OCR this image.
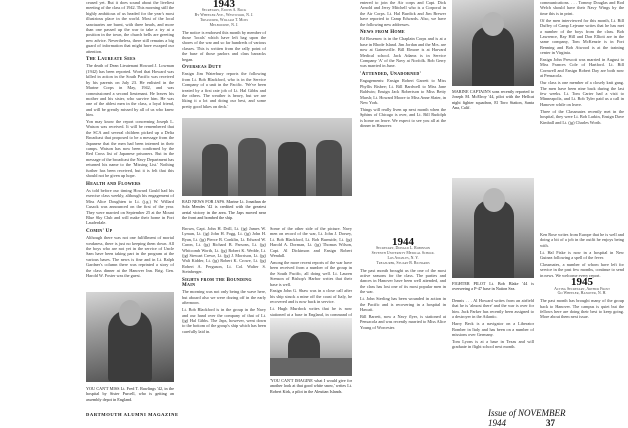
ceased yet. But it does sound about the liveliest meeting of the class of 1942. This morning still the highly ambitious of us headed for the year's most illustrious place in the world. Most of the local sanctuaries are burnt, with three heads, and more than one passed up the war to take a try at a position in the town, the church bells are greeting new advice. Nevertheless, there still remains a big guard of information that might have escaped our attention.

The Laureate Sees

The death of Dean Lieutenant Howard J. Lowman (1942) has been reported. Word that Howard was killed in action in the South Pacific was received by his parents on July 23. He enlisted in the Marine Corps in May, 1942, and was commissioned a second lieutenant. He leaves his mother and his sister, who survive him. He was one of the ablest men in the class, a loyal friend, and will be greatly missed by all of us who knew him.

Yon may know the report concerning Joseph L. Watson was received. It will be remembered that the SCA and several children picked up a Delta Broadcast that proposed to be a message from the Japanese that the men had been interned in their camps. Watson has now been confirmed by the Red Cross list of Japanese prisoners. But in the message of the broadcast the Navy Department has returned his name to the 'Missing List.' Nothing further has been received, but it is felt that this should not be given up hope.

Health and Flowers

As told before our timing Howard Gould had his exercise class weekly, although his engagement of Miss Alice Doughten to Lt. (j.g.) W. Willard Cusack was announced on the first of the year. They were married on September 25 at the Mount Blue Sky Club and will make their home in Fort Lauderdale.

Comin' Up

Although there was not one fulfillment of mortal weakness, there is just no keeping them down. All the boys who are not yet in the service of Uncle Sam have been taking part in the program at the various bases. The news is fine and in Lt. Ralph Gardner's column there was reprinted a story of the class dinner at the Hanover Inn. Brig. Gen. Harold W. Foster was the guest.

YOU CAN'T MISS Lt. Fred T. Rawlings '42, in the hospital by Sister Purcell, who is getting an assembly depot in England.
1943
Secretary, Edwin A. Rock
By Wheeler Ave., Westwood, N. J.
Treasurer, William T. Moss
Melbourne, N. J.

The notice is endorsed this month by member of those 'locals' which have left bag upon the shores of the war and so far hundreds of various classes. This is written from the rally point of the base of those parlors and class barracks began.

Overseas Duty

Ensign Jim Waterbury reports the following from Lt. Bob Blackford, who is in the Service Company of a unit in the Pacific. 'We've been treated by a first rate job of Lt. Hal Gibbs and the others. The weather is heavy, but we are liking it a lot and doing our best, and some pretty good hikes on deck.'

RAD NEWS FOR JAPS. Marine Lt. Jonathan de Sola Mendes '42 is credited with the greatest aerial victory in the area. The Japs moved near the front and bombed the ship.

Brown, Capt. John H. Drill, Lt. (jg) James W. Lyman, Lt. (jg) John H. Fogg, Lt. (jg) John H. Ryan, Lt. (jg) Pierce B. Conklin, Lt. Edward W. Caron, Lt. (jg) Richard B. Parsons, Lt. (jg) Whitcomb Worth, Lt. (jg) Robert K. Wedde, Lt. (jg) Stewart Crewe, Lt. (jg) J. Morrison, Lt. (jg) Walt Kidder, Lt. (jg) Robert K. Crowe, Lt. (jg) Robert A. Ferguson, Lt. Col. Walter S. Steinberger.

Sights from the Bounding Main

The morning was not only being the wave here, but aboard also we were dozing off in the early afternoon.

Lt. Bob Blackford is in the group in the Navy and our hand over the company of that of Lt. (jg) Hal Gibbs. The Japs, however, went down to the bottom of the group's ship which has been carefully laid in.

Some of the other side of the picture. Navy men on record of the war, Lt. John J. Dorsey, Lt. Bob Blackford, Lt. Bob Burnside, Lt. (jg) Harold A. Dorman, Lt. (jg) Thomas Wilson, Capt. Al Dickinson and Ensign Robert Wendall.

Among the more recent reports of the war have been received from a number of the group in the South Pacific, all doing well. Lt. Lauren Stenson of Bishop's Harbor writes that their base is well.

Ensign John G. Shaw was in a close call after his ship struck a mine off the coast of Italy, he recovered and is now back in service.

Lt. Hugh Murdock writes that he is now stationed at a base in England, in command of

'YOU CAN'T IMAGINE what I would give for another look at that good white snow,' writes Lt. Robert Kirk, a pilot in the Aleutian Islands.

entered to join the Air corps and Capt. Dick Arnold and Jerry Mitchell who is a Corporal in the Air Corps. Lt. Hal Burdick and Jim Brewer have reported to Camp Edwards. Also, we have the following new addresses.

News from Home

Ed Rosenow is in the Chaplain Corps and is at a base in Rhode Island. Jim Jordan and the Mrs. are now at Gainesville. Bill Elmore is at Harvard Medical school. Jack Adams is in Service Company 'A' of the Navy at Norfolk. Bob Gerry was married in June.

'Attended, Unadorned'

Engagements: Ensign Robert Garrett to Miss Phyllis Bisbee; Lt. Bill Bardwell to Miss Jane Baldwin; Ensign Jack Robertson to Miss Betty Marsh; Lt. Howard Moore to Miss Anne Slater, in New York.

Things will really liven up next month when the Sphinx of Chicago is over, and Lt. Bill Rudolph is home on leave. We expect to see you all at the dinner in Hanover.

1944
Secretary, Donald L. Robinson
Seventh University Medical School
Los Angeles, N. Y.
Treasurer, Stuart B. Richards

The past month brought us the one of the most active seasons for the class. The parties and dances in Hanover have been well attended, and the class has lost one of its most popular men in the war.

Lt. John Sterling has been wounded in action in the Pacific and is recovering in a hospital in Hawaii.

Bill Barrett, now a Navy flyer, is stationed at Pensacola and was recently married to Miss Alice Young of Worcester.

MARINE CAPTAIN'S sons recently reported to Joseph M. McElroy '44, pilot with the Hellcat night fighter squadron, El Toro Station, Santa Ana, Calif.

communications. . . . Tommy Douglas and Rod Welch should have their Navy Wings by the time this is in print.

Of the men interviewed for this month, Lt. Bill Duffey of Camp Lejeune writes that he has met a number of the boys from the class. Bob Lawrence, Ray Hill and Don Elliott are in the same company, Tom McKenzie is in Fort Benning and Bob Atwood is at the training center in Virginia.

Ensign John Prescott was married in August to Miss Frances Cole of Hartford. Lt. Bill Cornwell and Ensign Robert Day are both now at Pensacola.

Our class is one member of a closely knit gang. The men have been nine back during the last few weeks. Lt. Tom Carter had a visit to Minneapolis, and Lt. Bob Tyler paid us a call in Hanover while on leave.

Three of the Classmates recently met in the hospital, they were Lt. Bob Larkin, Ensign Dave Kimball and Lt. (jg) Charles Worth.

FIGHTER PILOT Lt. Bob Blake '44 is overseeing a P-47 base in Nation Sea.

Dennis . . . Al Howard writes from an airfield that he is 'almost there' and the war is over for him. Jack Parker has recently been assigned to a destroyer in the Atlantic.

Harry Beck is a navigator on a Liberator Bomber in Italy and has been on a number of missions over Germany.

Tom Lyons is at a base in Texas and will graduate in flight school next month.

Ken Rose writes from Europe that he is well and doing a bit of a job in the outfit he enjoys being with.

Lt. Hal Fiske is now in a hospital in New Guinea following a spell of the fever.

Classmates, a number of whom have left for service in the past few months, continue to send in news. We welcome every report.

1945
Acting Secretary, Arthur Frost
Go Wheeler, Hanover, N. H.

The past month has brought many of the group back to Hanover. The campus is quiet but the fellows here are doing their best to keep going. More about them next issue.

DARTMOUTH ALUMNI MAGAZINE	Issue of NOVEMBER 1944	37
